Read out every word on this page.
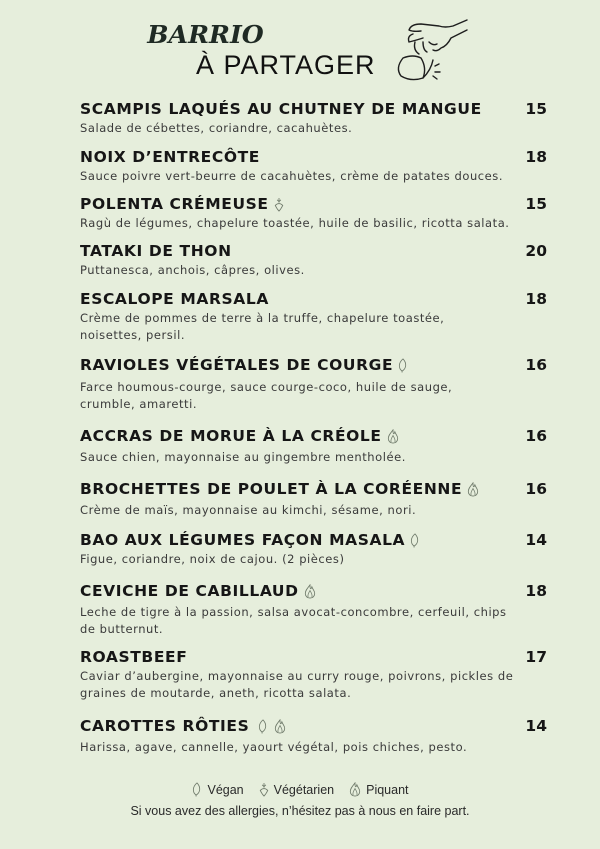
BARRIO
À PARTAGER
SCAMPIS LAQUÉS AU CHUTNEY DE MANGUE	15
Salade de cébettes, coriandre, cacahuètes.
NOIX D’ENTRECÔTE	18
Sauce poivre vert-beurre de cacahuètes, crème de patates douces.
POLENTA CRÉMEUSE	15
Ragù de légumes, chapelure toastée, huile de basilic, ricotta salata.
TATAKI DE THON	20
Puttanesca, anchois, câpres, olives.
ESCALOPE MARSALA	18
Crème de pommes de terre à la truffe, chapelure toastée, noisettes, persil.
RAVIOLES VÉGÉTALES DE COURGE	16
Farce houmous-courge, sauce courge-coco, huile de sauge, crumble, amaretti.
ACCRAS DE MORUE À LA CRÉOLE	16
Sauce chien, mayonnaise au gingembre mentholée.
BROCHETTES DE POULET À LA CORÉENNE	16
Crème de maïs, mayonnaise au kimchi, sésame, nori.
BAO AUX LÉGUMES FAÇON MASALA	14
Figue, coriandre, noix de cajou. (2 pièces)
CEVICHE DE CABILLAUD	18
Leche de tigre à la passion, salsa avocat-concombre, cerfeuil, chips de butternut.
ROASTBEEF	17
Caviar d’aubergine, mayonnaise au curry rouge, poivrons, pickles de graines de moutarde, aneth, ricotta salata.
CAROTTES RÔTIES	14
Harissa, agave, cannelle, yaourt végétal, pois chiches, pesto.
Végan Végétarien	Piquant
Si vous avez des allergies, n’hésitez pas à nous en faire part.
